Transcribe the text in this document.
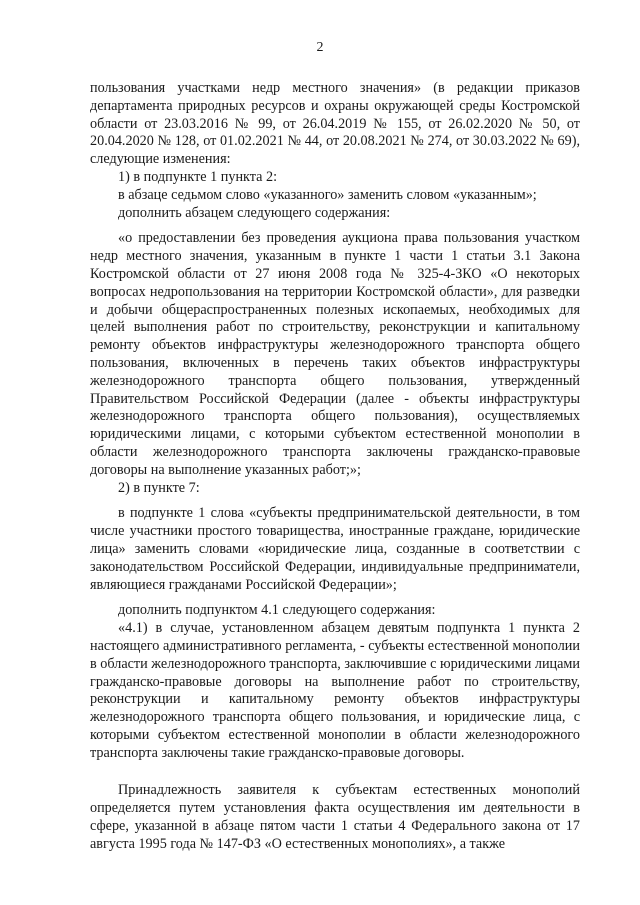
2

пользования участками недр местного значения» (в редакции приказов департамента природных ресурсов и охраны окружающей среды Костромской области от 23.03.2016 № 99, от 26.04.2019 № 155, от 26.02.2020 № 50, от 20.04.2020 № 128, от 01.02.2021 № 44, от 20.08.2021 № 274, от 30.03.2022 № 69), следующие изменения:

1) в подпункте 1 пункта 2:

в абзаце седьмом слово «указанного» заменить словом «указанным»;

дополнить абзацем следующего содержания:

«о предоставлении без проведения аукциона права пользования участком недр местного значения, указанным в пункте 1 части 1 статьи 3.1 Закона Костромской области от 27 июня 2008 года № 325-4-ЗКО «О некоторых вопросах недропользования на территории Костромской области», для разведки и добычи общераспространенных полезных ископаемых, необходимых для целей выполнения работ по строительству, реконструкции и капитальному ремонту объектов инфраструктуры железнодорожного транспорта общего пользования, включенных в перечень таких объектов инфраструктуры железнодорожного транспорта общего пользования, утвержденный Правительством Российской Федерации (далее - объекты инфраструктуры железнодорожного транспорта общего пользования), осуществляемых юридическими лицами, с которыми субъектом естественной монополии в области железнодорожного транспорта заключены гражданско-правовые договоры на выполнение указанных работ;»;

2) в пункте 7:

в подпункте 1 слова «субъекты предпринимательской деятельности, в том числе участники простого товарищества, иностранные граждане, юридические лица» заменить словами «юридические лица, созданные в соответствии с законодательством Российской Федерации, индивидуальные предприниматели, являющиеся гражданами Российской Федерации»;

дополнить подпунктом 4.1 следующего содержания:

«4.1) в случае, установленном абзацем девятым подпункта 1 пункта 2 настоящего административного регламента, - субъекты естественной монополии в области железнодорожного транспорта, заключившие с юридическими лицами гражданско-правовые договоры на выполнение работ по строительству, реконструкции и капитальному ремонту объектов инфраструктуры железнодорожного транспорта общего пользования, и юридические лица, с которыми субъектом естественной монополии в области железнодорожного транспорта заключены такие гражданско-правовые договоры.

Принадлежность заявителя к субъектам естественных монополий определяется путем установления факта осуществления им деятельности в сфере, указанной в абзаце пятом части 1 статьи 4 Федерального закона от 17 августа 1995 года № 147-ФЗ «О естественных монополиях», а также
